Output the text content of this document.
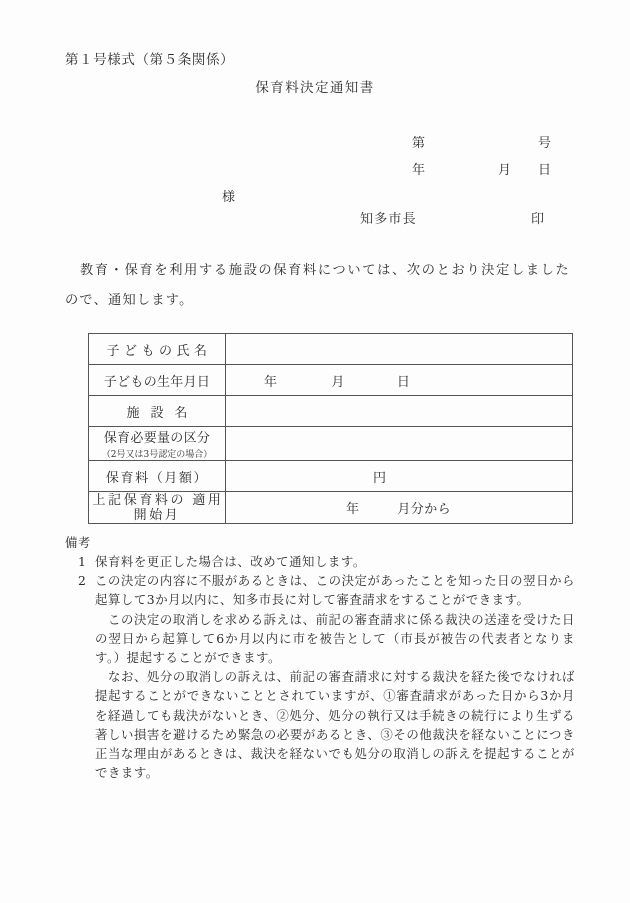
第１号様式（第５条関係）
保育料決定通知書
第	号
年	月	日
様
知多市長	印
教育・保育を利用する施設の保育料については、次のとおり決定しましたので、通知します。
子どもの氏名	
子どもの生年月日	年 月 日

施設名	
保育必要量の区分
（2号又は3号認定の場合）	

保育料（月額）	円

上記保育料の 適用開始月	年 月分から
備考
1 保育料を更正した場合は、改めて通知します。

2 この決定の内容に不服があるときは、この決定があったことを知った日の翌日から起算して3か月以内に、知多市長に対して審査請求をすることができます。

この決定の取消しを求める訴えは、前記の審査請求に係る裁決の送達を受けた日の翌日から起算して6か月以内に市を被告として（市長が被告の代表者となります。）提起することができます。

なお、処分の取消しの訴えは、前記の審査請求に対する裁決を経た後でなければ提起することができないこととされていますが、①審査請求があった日から3か月を経過しても裁決がないとき、②処分、処分の執行又は手続きの続行により生ずる著しい損害を避けるため緊急の必要があるとき、③その他裁決を経ないことにつき正当な理由があるときは、裁決を経ないでも処分の取消しの訴えを提起することができます。
